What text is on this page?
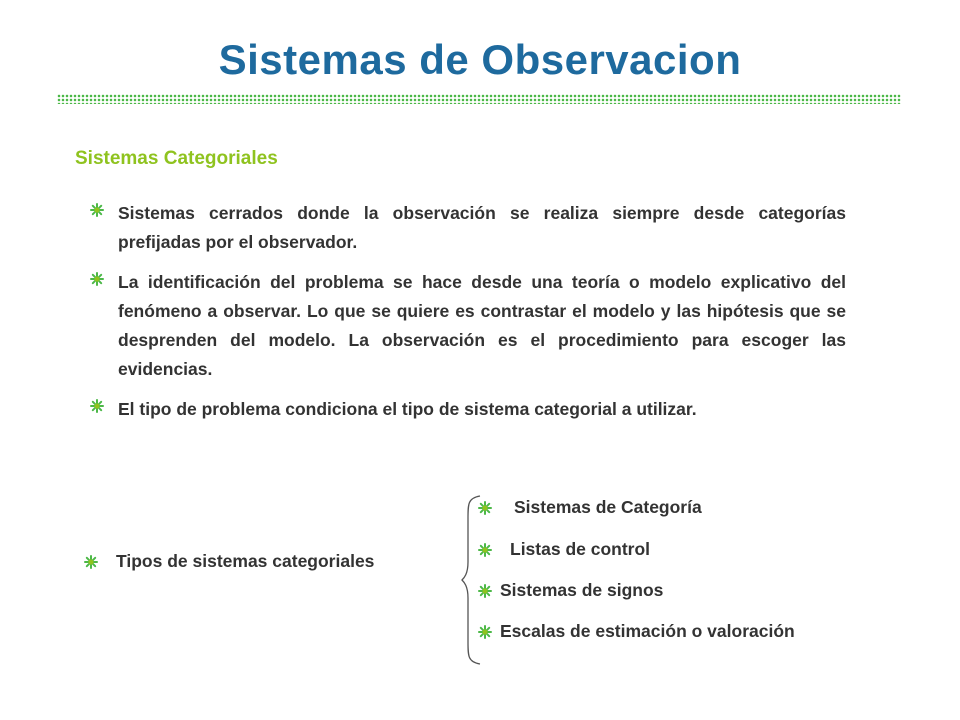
Sistemas de Observacion
Sistemas Categoriales
Sistemas cerrados donde la observación se realiza siempre desde categorías prefijadas por el observador.
La identificación del problema se hace desde una teoría o modelo explicativo del fenómeno a observar. Lo que se quiere es contrastar el modelo y las hipótesis que se desprenden del modelo. La observación es el procedimiento para escoger las evidencias.
El tipo de problema condiciona el tipo de sistema categorial a utilizar.
Tipos de sistemas categoriales
Sistemas de Categoría
Listas de control
Sistemas de signos
Escalas de estimación o valoración
